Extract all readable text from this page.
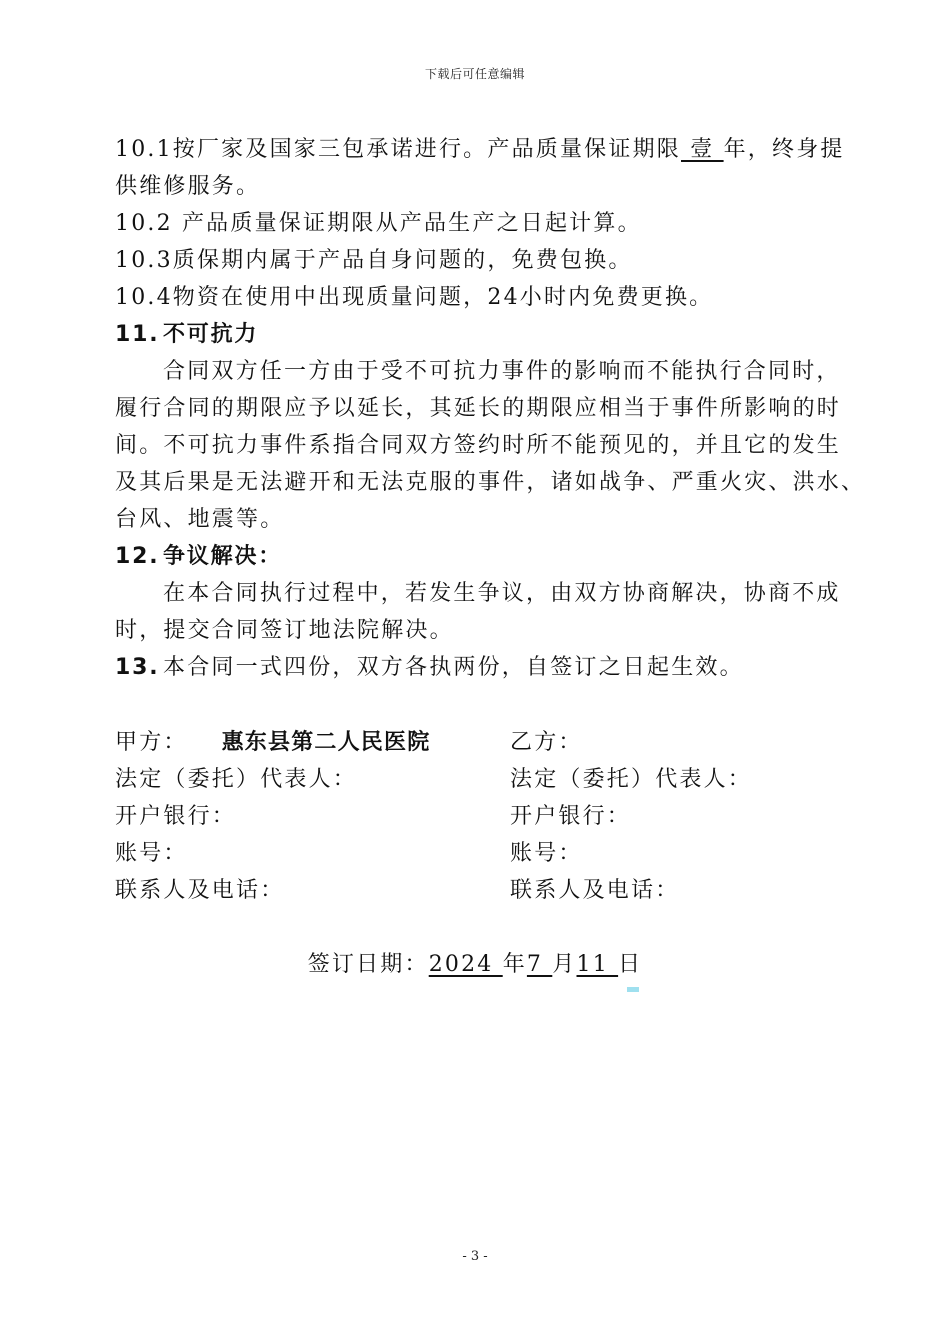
下载后可任意编辑
10.1按厂家及国家三包承诺进行。产品质量保证期限 壹 年，终身提
供维修服务。
10.2 产品质量保证期限从产品生产之日起计算。
10.3质保期内属于产品自身问题的，免费包换。
10.4物资在使用中出现质量问题，24小时内免费更换。
11. 不可抗力
合同双方任一方由于受不可抗力事件的影响而不能执行合同时，
履行合同的期限应予以延长，其延长的期限应相当于事件所影响的时
间。不可抗力事件系指合同双方签约时所不能预见的，并且它的发生
及其后果是无法避开和无法克服的事件，诸如战争、严重火灾、洪水、
台风、地震等。
12. 争议解决：
在本合同执行过程中，若发生争议，由双方协商解决，协商不成
时，提交合同签订地法院解决。
13. 本合同一式四份，双方各执两份，自签订之日起生效。
甲方： 惠东县第二人民医院	乙方：
法定（委托）代表人：	法定（委托）代表人：
开户银行：	开户银行：
账号：	账号：
联系人及电话：	联系人及电话：
签订日期：2024 年7 月11 日
- 3 -
